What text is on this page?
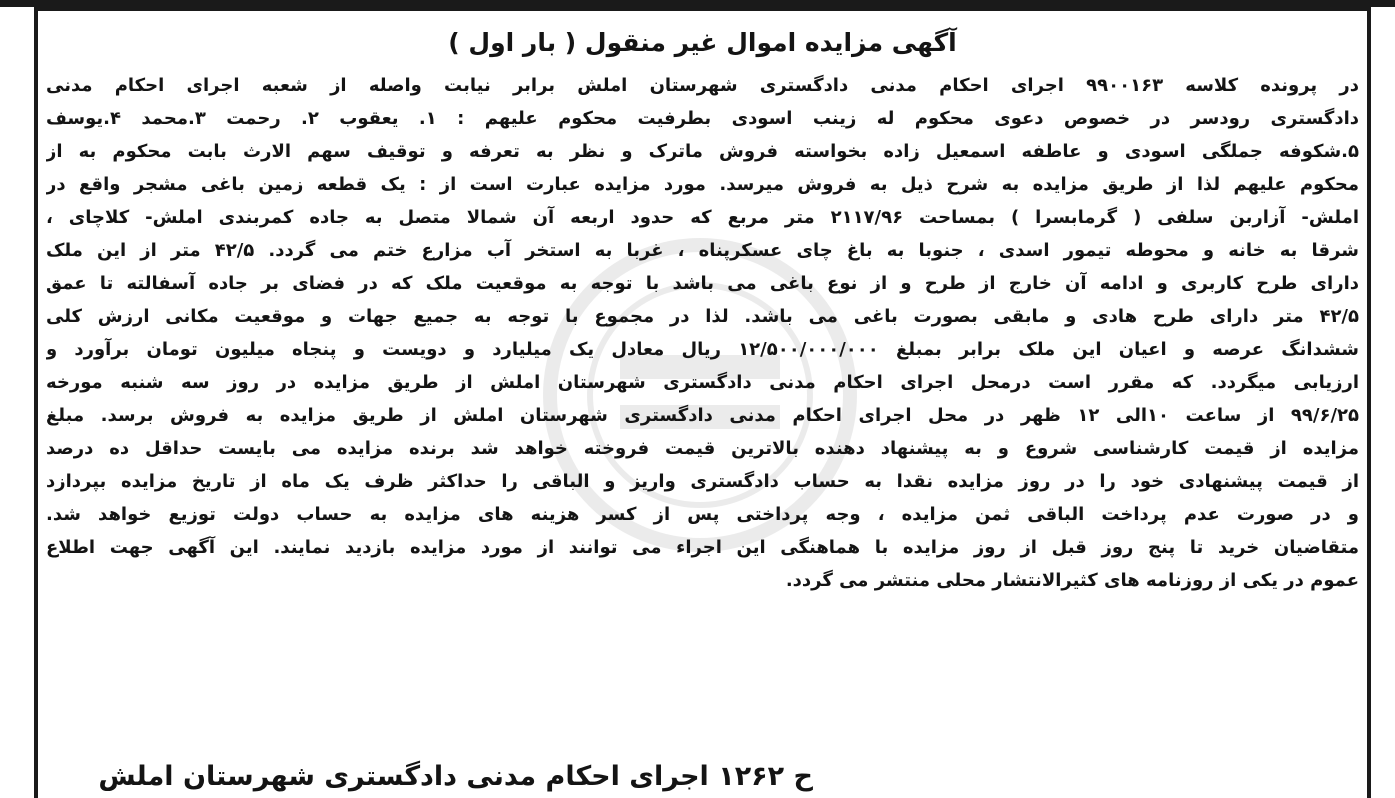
آگهی مزایده اموال غیر منقول ( بار اول )
در پرونده کلاسه ۹۹۰۰۱۶۳ اجرای احکام مدنی دادگستری شهرستان املش برابر نیابت واصله از شعبه اجرای احکام مدنی
دادگستری رودسر در خصوص دعوی محکوم له زینب اسودی بطرفیت محکوم علیهم : ۱. یعقوب ۲. رحمت ۳.محمد ۴.یوسف
۵.شکوفه جملگی اسودی و عاطفه اسمعیل زاده بخواسته فروش ماترک و نظر به تعرفه و توقیف سهم الارث بابت محکوم به از
محکوم علیهم لذا از طریق مزایده به شرح ذیل به فروش میرسد. مورد مزایده عبارت است از : یک قطعه زمین باغی مشجر واقع در
املش- آزاربن سلفی ( گرمابسرا ) بمساحت ۲۱۱۷/۹۶ متر مربع که حدود اربعه آن شمالا متصل به جاده کمربندی املش- کلاچای ،
شرقا به خانه و محوطه تیمور اسدی ، جنوبا به باغ چای عسکرپناه ، غربا به استخر آب مزارع ختم می گردد. ۴۲/۵ متر از این ملک
دارای طرح کاربری و ادامه آن خارج از طرح و از نوع باغی می باشد با توجه به موقعیت ملک که در فضای بر جاده آسفالته تا عمق
۴۲/۵ متر دارای طرح هادی و مابقی بصورت باغی می باشد. لذا در مجموع با توجه به جمیع جهات و موقعیت مکانی ارزش کلی
ششدانگ عرصه و اعیان این ملک برابر بمبلغ ۱۲/۵۰۰/۰۰۰/۰۰۰ ریال معادل یک میلیارد و دویست و پنجاه میلیون تومان برآورد و
ارزیابی میگردد. که مقرر است درمحل اجرای احکام مدنی دادگستری شهرستان املش از طریق مزایده در روز سه شنبه مورخه
۹۹/۶/۲۵ از ساعت ۱۰الی ۱۲ ظهر در محل اجرای احکام مدنی دادگستری شهرستان املش از طریق مزایده به فروش برسد. مبلغ
مزایده از قیمت کارشناسی شروع و به پیشنهاد دهنده بالاترین قیمت فروخته خواهد شد برنده مزایده می بایست حداقل ده درصد
از قیمت پیشنهادی خود را در روز مزایده نقدا به حساب دادگستری واریز و الباقی را حداکثر ظرف یک ماه از تاریخ مزایده بپردازد
و در صورت عدم پرداخت الباقی ثمن مزایده ، وجه پرداختی پس از کسر هزینه های مزایده به حساب دولت توزیع خواهد شد.
متقاضیان خرید تا پنج روز قبل از روز مزایده با هماهنگی این اجراء می توانند از مورد مزایده بازدید نمایند. این آگهی جهت اطلاع
عموم در یکی از روزنامه های کثیرالانتشار محلی منتشر می گردد.
ح ۱۲۶۲ اجرای احکام مدنی دادگستری شهرستان املش
